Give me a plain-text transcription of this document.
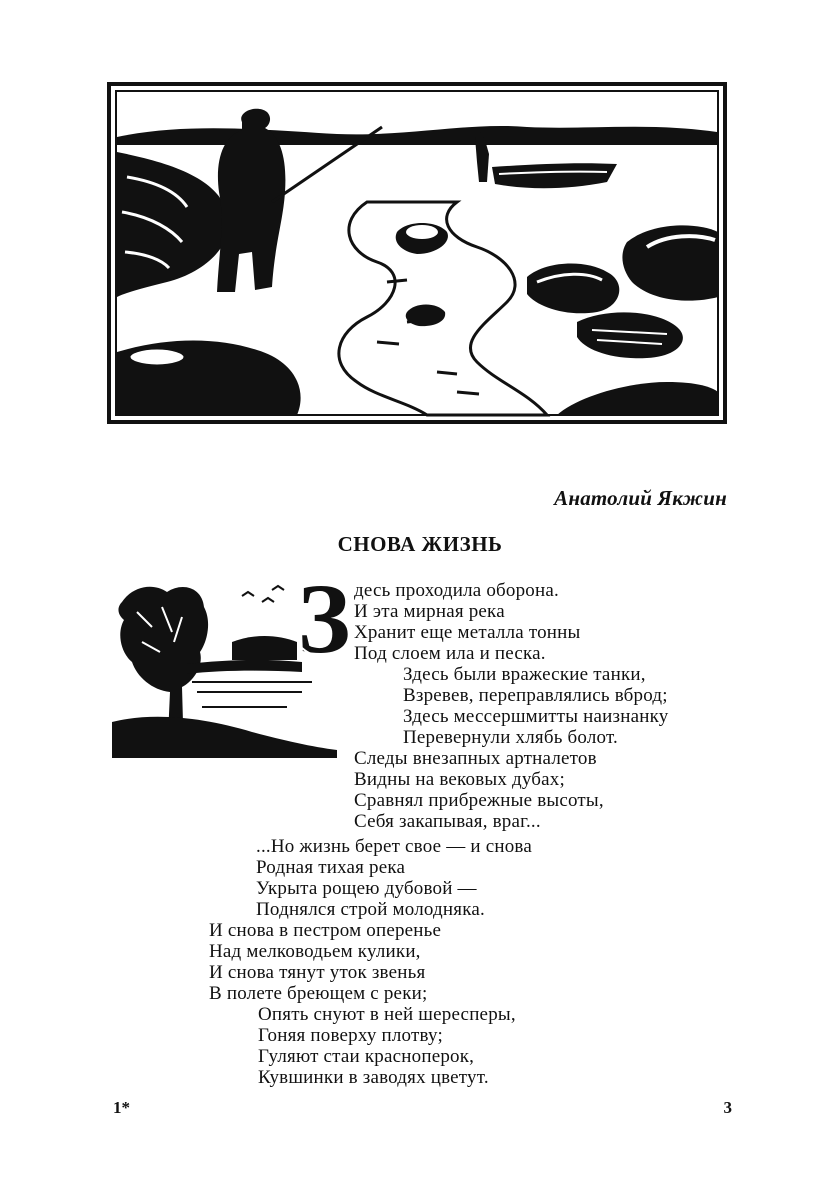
Анатолий Якжин
СНОВА ЖИЗНЬ
З десь проходила оборона.
И эта мирная река
Хранит еще металла тонны
Под слоем ила и песка.
Здесь были вражеские танки,
Взревев, переправлялись вброд;
Здесь мессершмитты наизнанку
Перевернули хлябь болот.
Следы внезапных артналетов
Видны на вековых дубах;
Сравнял прибрежные высоты,
Себя закапывая, враг...
...Но жизнь берет свое — и снова
Родная тихая река
Укрыта рощею дубовой —
Поднялся строй молодняка.
И снова в пестром опереньe
Над мелководьем кулики,
И снова тянут уток звенья
В полете бреющем с реки;
Опять снуют в ней шересперы,
Гоняя поверху плотву;
Гуляют стаи красноперок,
Кувшинки в заводях цветут.
1*	3
